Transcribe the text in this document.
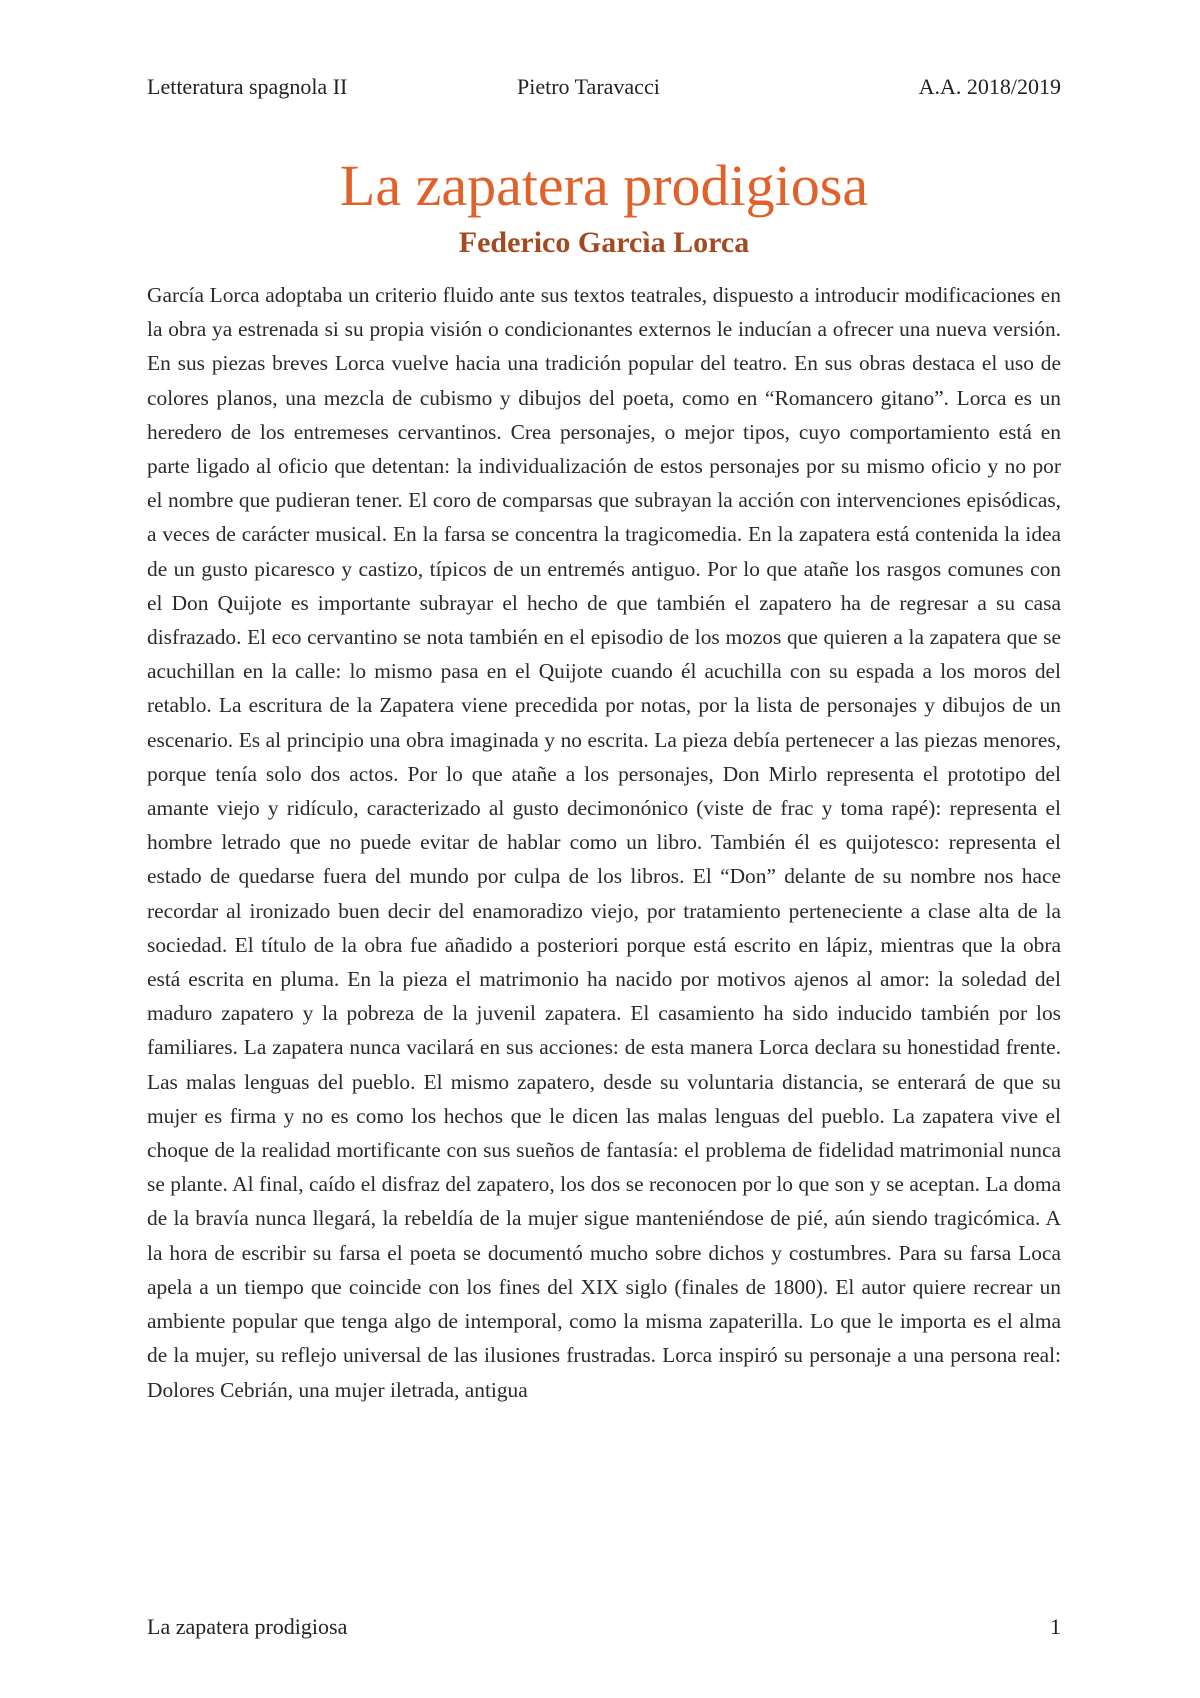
Letteratura spagnola II	Pietro Taravacci	A.A. 2018/2019
La zapatera prodigiosa
Federico Garcìa Lorca

García Lorca adoptaba un criterio fluido ante sus textos teatrales, dispuesto a introducir modificaciones en la obra ya estrenada si su propia visión o condicionantes externos le inducían a ofrecer una nueva versión. En sus piezas breves Lorca vuelve hacia una tradición popular del teatro. En sus obras destaca el uso de colores planos, una mezcla de cubismo y dibujos del poeta, como en “Romancero gitano”. Lorca es un heredero de los entremeses cervantinos. Crea personajes, o mejor tipos, cuyo comportamiento está en parte ligado al oficio que detentan: la individualización de estos personajes por su mismo oficio y no por el nombre que pudieran tener. El coro de comparsas que subrayan la acción con intervenciones episódicas, a veces de carácter musical. En la farsa se concentra la tragicomedia. En la zapatera está contenida la idea de un gusto picaresco y castizo, típicos de un entremés antiguo. Por lo que atañe los rasgos comunes con el Don Quijote es importante subrayar el hecho de que también el zapatero ha de regresar a su casa disfrazado. El eco cervantino se nota también en el episodio de los mozos que quieren a la zapatera que se acuchillan en la calle: lo mismo pasa en el Quijote cuando él acuchilla con su espada a los moros del retablo. La escritura de la Zapatera viene precedida por notas, por la lista de personajes y dibujos de un escenario. Es al principio una obra imaginada y no escrita. La pieza debía pertenecer a las piezas menores, porque tenía solo dos actos. Por lo que atañe a los personajes, Don Mirlo representa el prototipo del amante viejo y ridículo, caracterizado al gusto decimonónico (viste de frac y toma rapé): representa el hombre letrado que no puede evitar de hablar como un libro. También él es quijotesco: representa el estado de quedarse fuera del mundo por culpa de los libros. El “Don” delante de su nombre nos hace recordar al ironizado buen decir del enamoradizo viejo, por tratamiento perteneciente a clase alta de la sociedad. El título de la obra fue añadido a posteriori porque está escrito en lápiz, mientras que la obra está escrita en pluma. En la pieza el matrimonio ha nacido por motivos ajenos al amor: la soledad del maduro zapatero y la pobreza de la juvenil zapatera. El casamiento ha sido inducido también por los familiares. La zapatera nunca vacilará en sus acciones: de esta manera Lorca declara su honestidad frente. Las malas lenguas del pueblo. El mismo zapatero, desde su voluntaria distancia, se enterará de que su mujer es firma y no es como los hechos que le dicen las malas lenguas del pueblo. La zapatera vive el choque de la realidad mortificante con sus sueños de fantasía: el problema de fidelidad matrimonial nunca se plante. Al final, caído el disfraz del zapatero, los dos se reconocen por lo que son y se aceptan. La doma de la bravía nunca llegará, la rebeldía de la mujer sigue manteniéndose de pié, aún siendo tragicómica. A la hora de escribir su farsa el poeta se documentó mucho sobre dichos y costumbres. Para su farsa Loca apela a un tiempo que coincide con los fines del XIX siglo (finales de 1800). El autor quiere recrear un ambiente popular que tenga algo de intemporal, como la misma zapaterilla. Lo que le importa es el alma de la mujer, su reflejo universal de las ilusiones frustradas. Lorca inspiró su personaje a una persona real: Dolores Cebrián, una mujer iletrada, antigua

La zapatera prodigiosa	1
